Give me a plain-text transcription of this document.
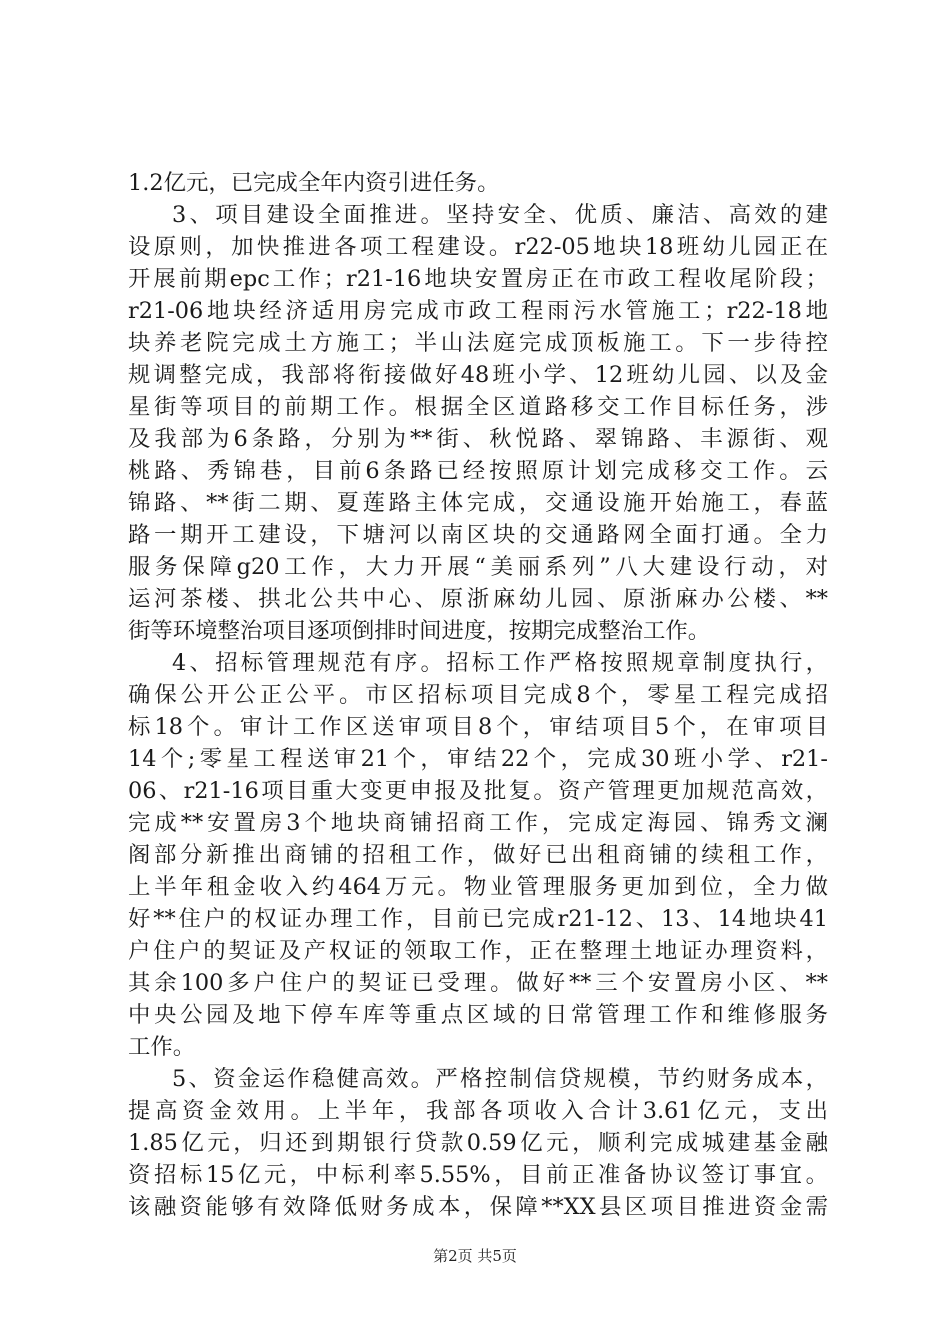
1.2亿元，已完成全年内资引进任务。
3、项目建设全面推进。坚持安全、优质、廉洁、高效的建
设原则，加快推进各项工程建设。r22-05地块18班幼儿园正在
开展前期epc工作；r21-16地块安置房正在市政工程收尾阶段；
r21-06地块经济适用房完成市政工程雨污水管施工；r22-18地
块养老院完成土方施工；半山法庭完成顶板施工。下一步待控
规调整完成，我部将衔接做好48班小学、12班幼儿园、以及金
星街等项目的前期工作。根据全区道路移交工作目标任务，涉
及我部为6条路，分别为**街、秋悦路、翠锦路、丰源街、观
桃路、秀锦巷，目前6条路已经按照原计划完成移交工作。云
锦路、**街二期、夏莲路主体完成，交通设施开始施工，春蓝
路一期开工建设，下塘河以南区块的交通路网全面打通。全力
服务保障g20工作，大力开展“美丽系列”八大建设行动，对
运河茶楼、拱北公共中心、原浙麻幼儿园、原浙麻办公楼、**
街等环境整治项目逐项倒排时间进度，按期完成整治工作。
4、招标管理规范有序。招标工作严格按照规章制度执行，
确保公开公正公平。市区招标项目完成8个，零星工程完成招
标18个。审计工作区送审项目8个，审结项目5个，在审项目
14个;零星工程送审21个，审结22个，完成30班小学、r21-
06、r21-16项目重大变更申报及批复。资产管理更加规范高效，
完成**安置房3个地块商铺招商工作，完成定海园、锦秀文澜
阁部分新推出商铺的招租工作，做好已出租商铺的续租工作，
上半年租金收入约464万元。物业管理服务更加到位，全力做
好**住户的权证办理工作，目前已完成r21-12、13、14地块41
户住户的契证及产权证的领取工作，正在整理土地证办理资料，
其余100多户住户的契证已受理。做好**三个安置房小区、**
中央公园及地下停车库等重点区域的日常管理工作和维修服务
工作。
5、资金运作稳健高效。严格控制信贷规模，节约财务成本，
提高资金效用。上半年，我部各项收入合计3.61亿元，支出
1.85亿元，归还到期银行贷款0.59亿元，顺利完成城建基金融
资招标15亿元，中标利率5.55%，目前正准备协议签订事宜。
该融资能够有效降低财务成本，保障**XX县区项目推进资金需
第2页 共5页
